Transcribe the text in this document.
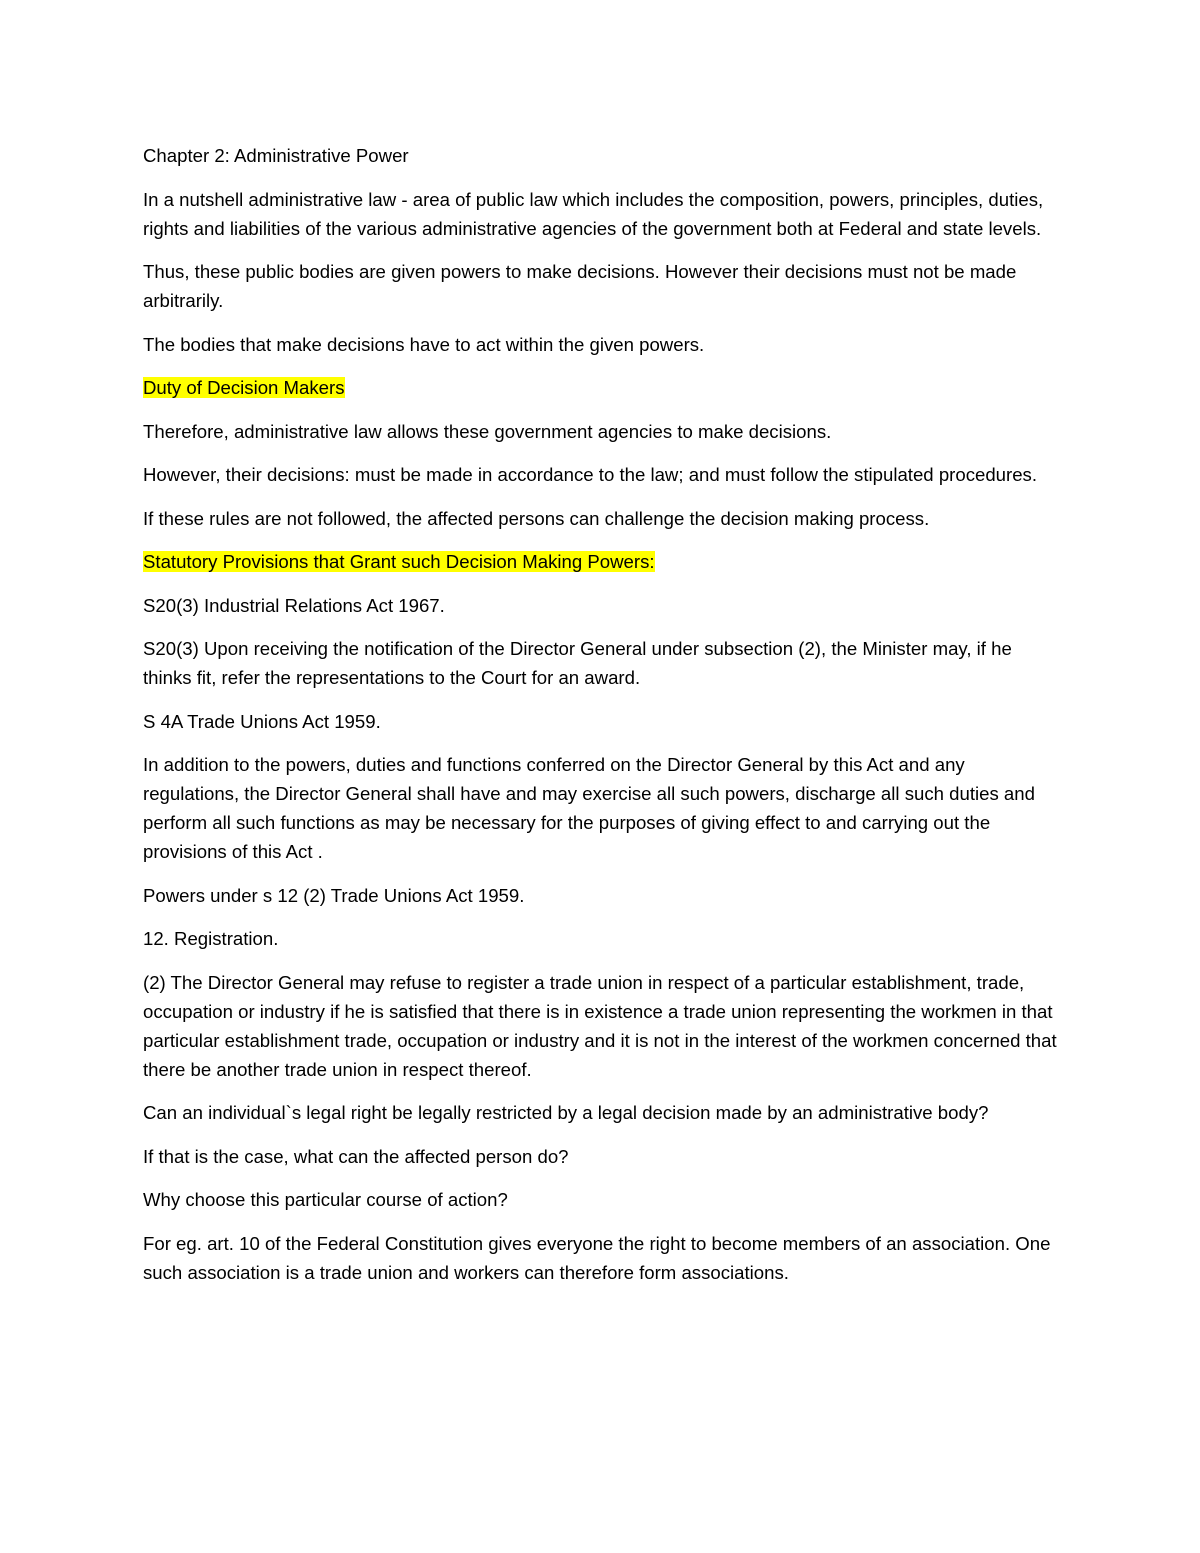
Chapter 2: Administrative Power

In a nutshell administrative law - area of public law which includes the composition, powers, principles, duties, rights and liabilities of the various administrative agencies of the government both at Federal and state levels.

Thus, these public bodies are given powers to make decisions. However their decisions must not be made arbitrarily.

The bodies that make decisions have to act within the given powers.

Duty of Decision Makers

Therefore, administrative law allows these government agencies to make decisions.

However, their decisions: must be made in accordance to the law; and must follow the stipulated procedures.

If these rules are not followed, the affected persons can challenge the decision making process.

Statutory Provisions that Grant such Decision Making Powers:

S20(3) Industrial Relations Act 1967.

S20(3) Upon receiving the notification of the Director General under subsection (2), the Minister may, if he thinks fit, refer the representations to the Court for an award.

S 4A Trade Unions Act 1959.

In addition to the powers, duties and functions conferred on the Director General by this Act and any regulations, the Director General shall have and may exercise all such powers, discharge all such duties and perform all such functions as may be necessary for the purposes of giving effect to and carrying out the provisions of this Act .

Powers under s 12 (2) Trade Unions Act 1959.

12. Registration.

(2) The Director General may refuse to register a trade union in respect of a particular establishment, trade, occupation or industry if he is satisfied that there is in existence a trade union representing the workmen in that particular establishment trade, occupation or industry and it is not in the interest of the workmen concerned that there be another trade union in respect thereof.

Can an individual`s legal right be legally restricted by a legal decision made by an administrative body?

If that is the case, what can the affected person do?

Why choose this particular course of action?

For eg. art. 10 of the Federal Constitution gives everyone the right to become members of an association. One such association is a trade union and workers can therefore form associations.
